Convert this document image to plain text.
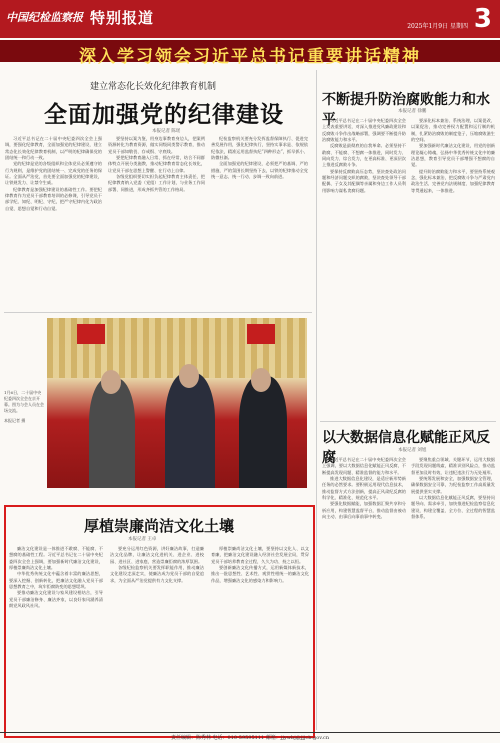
中国纪检监察报 特别报道	2025年1月9日 星期四 3
深入学习领会习近平总书记重要讲话精神
建立常态化长效化纪律教育机制
全面加强党的纪律建设
本报记者 陈瑶

习近平总书记在二十届中央纪委四次全会上强调，要强化纪律教育，全面加强党的纪律建设，建立常态化长效化纪律教育机制，以严明的纪律确保党的团结统一和行动一致。

党的纪律是党的各级组织和全体党员必须遵守的行为规则，是维护党的团结统一、完成党的任务的保证。全面从严治党，首先要全面加强党的纪律建设，让铁规发力、让禁令生威。

纪律教育是加强纪律建设的基础性工作。要把纪律教育作为党员干部教育培训的必修课，引导党员干部学纪、知纪、明纪、守纪，把严守纪律内化为政治自觉、思想自觉和行动自觉。

要坚持以案为鉴，用身边事教育身边人，把案例资源转化为教育资源，做实同级同类警示教育，推动党员干部知敬畏、存戒惧、守底线。

要把纪律教育融入日常、抓在经常，结合不同群体特点开展分类施教，推动纪律教育常态化长效化，让党员干部在思想上警醒、在行动上自律。

各级党组织要切实担负起纪律教育主体责任，把纪律教育纳入党委（党组）工作计划，与业务工作同部署、同推进，形成齐抓共管的工作格局。

纪检监察机关要充分发挥监督保障执行、促进完善发展作用，强化纪律执行，坚持实事求是、依规依纪依法，精准运用监督执纪“四种形态”，抓早抓小、防微杜渐。

全面加强党的纪律建设，必须把严的基调、严的措施、严的氛围长期坚持下去，以铁的纪律推动全党统一意志、统一行动、步调一致向前进。

1月6日，二十届中央纪委四次全会在京开幕。图为与会人员在会场交流。
本报记者 摄
厚植崇廉尚洁文化土壤
本报记者 王卓

廉洁文化建设是一体推进不敢腐、不能腐、不想腐的基础性工程。习近平总书记在二十届中央纪委四次全会上强调，要加强新时代廉洁文化建设，厚植崇廉尚洁文化土壤。

中华优秀传统文化中蕴含着丰富的廉洁思想，要深入挖掘、创新转化，把廉洁文化融入党员干部思想教育之中，筑牢拒腐防变的思想堤坝。

要推动廉洁文化建设与家风建设相结合，引导党员干部廉洁修身、廉洁齐家，以良好家风涵养清朗党风政风社风。

要充分运用红色资源，讲好廉洁故事，打造廉洁文化品牌，让廉洁文化进机关、进企业、进校园、进社区、进家庭，营造崇廉拒腐的浓厚氛围。

各级纪检监察机关要发挥职能作用，推动廉洁文化建设走深走实，使廉洁成为党员干部的自觉追求，为全面从严治党提供有力文化支撑。

厚植崇廉尚洁文化土壤，要坚持以文化人、以文育廉，把廉洁文化建设融入经济社会发展全局，贯穿党员干部培养教育全过程，久久为功、持之以恒。

要创新廉洁文化传播方式，运用新媒体新技术，推出一批思想性、艺术性、观赏性相统一的廉洁文化作品，增强廉洁文化的感染力和影响力。

不断提升防治腐败能力和水平
本报记者 徐鹏

习近平总书记在二十届中央纪委四次全会上发表重要讲话，对深入推进党风廉政建设和反腐败斗争作出战略部署，强调要不断提升防治腐败能力和水平。

反腐败是最彻底的自我革命。必须坚持不敢腐、不能腐、不想腐一体推进，同时发力、同向发力、综合发力，在更高标准、更深层次上推进反腐败斗争。

要保持反腐败高压态势，坚决查处政治问题和经济问题交织的腐败，坚决查处领导干部配偶、子女及其配偶等亲属和身边工作人员利用影响力谋私贪腐问题。

要深化标本兼治、系统治理，以案促改、以案促治，推动完善权力配置和运行制约机制，扎紧防治腐败的制度笼子，压缩腐败滋生的空间。

要加强新时代廉洁文化建设，用党的创新理论凝心铸魂，弘扬中华优秀传统文化中的廉洁思想，教育引导党员干部增强不想腐的自觉。

提升防治腐败能力和水平，要坚持系统观念，强化标本兼治，把反腐败斗争与严肃党内政治生活、完善党内法规制度、加强纪律教育等贯通起来，一体推进。

以大数据信息化赋能正风反腐	本报记者 刘旭

习近平总书记在二十届中央纪委四次全会上强调，要以大数据信息化赋能正风反腐，不断提高发现问题、精准监督的能力和水平。

推进大数据信息化建设，是适应新形势新任务的必然要求。要积极运用现代信息技术，推动监督方式方法创新，提高正风肃纪反腐的科学化、精准化、规范化水平。

要强化数据赋能，加强数据汇聚共享和分析应用，构建智慧监督平台，推动监督由被动向主动、由事后向事前事中转变。

要聚焦重点领域、关键环节，运用大数据手段发现问题线索，精准识别风险点，推动监督更加及时有效，让违纪违法行为无处遁形。

要统筹发展和安全，加强数据安全管理，确保数据安全可靠，为纪检监察工作高质量发展提供坚实支撑。

以大数据信息化赋能正风反腐，要坚持问题导向、需求牵引，加快推进纪检监察信息化建设，构建全覆盖、全方位、全过程的智慧监督体系。

责任编辑：陈秀林 电话：010-59595111 邮箱：jjywbj@jjjcb.gov.cn
